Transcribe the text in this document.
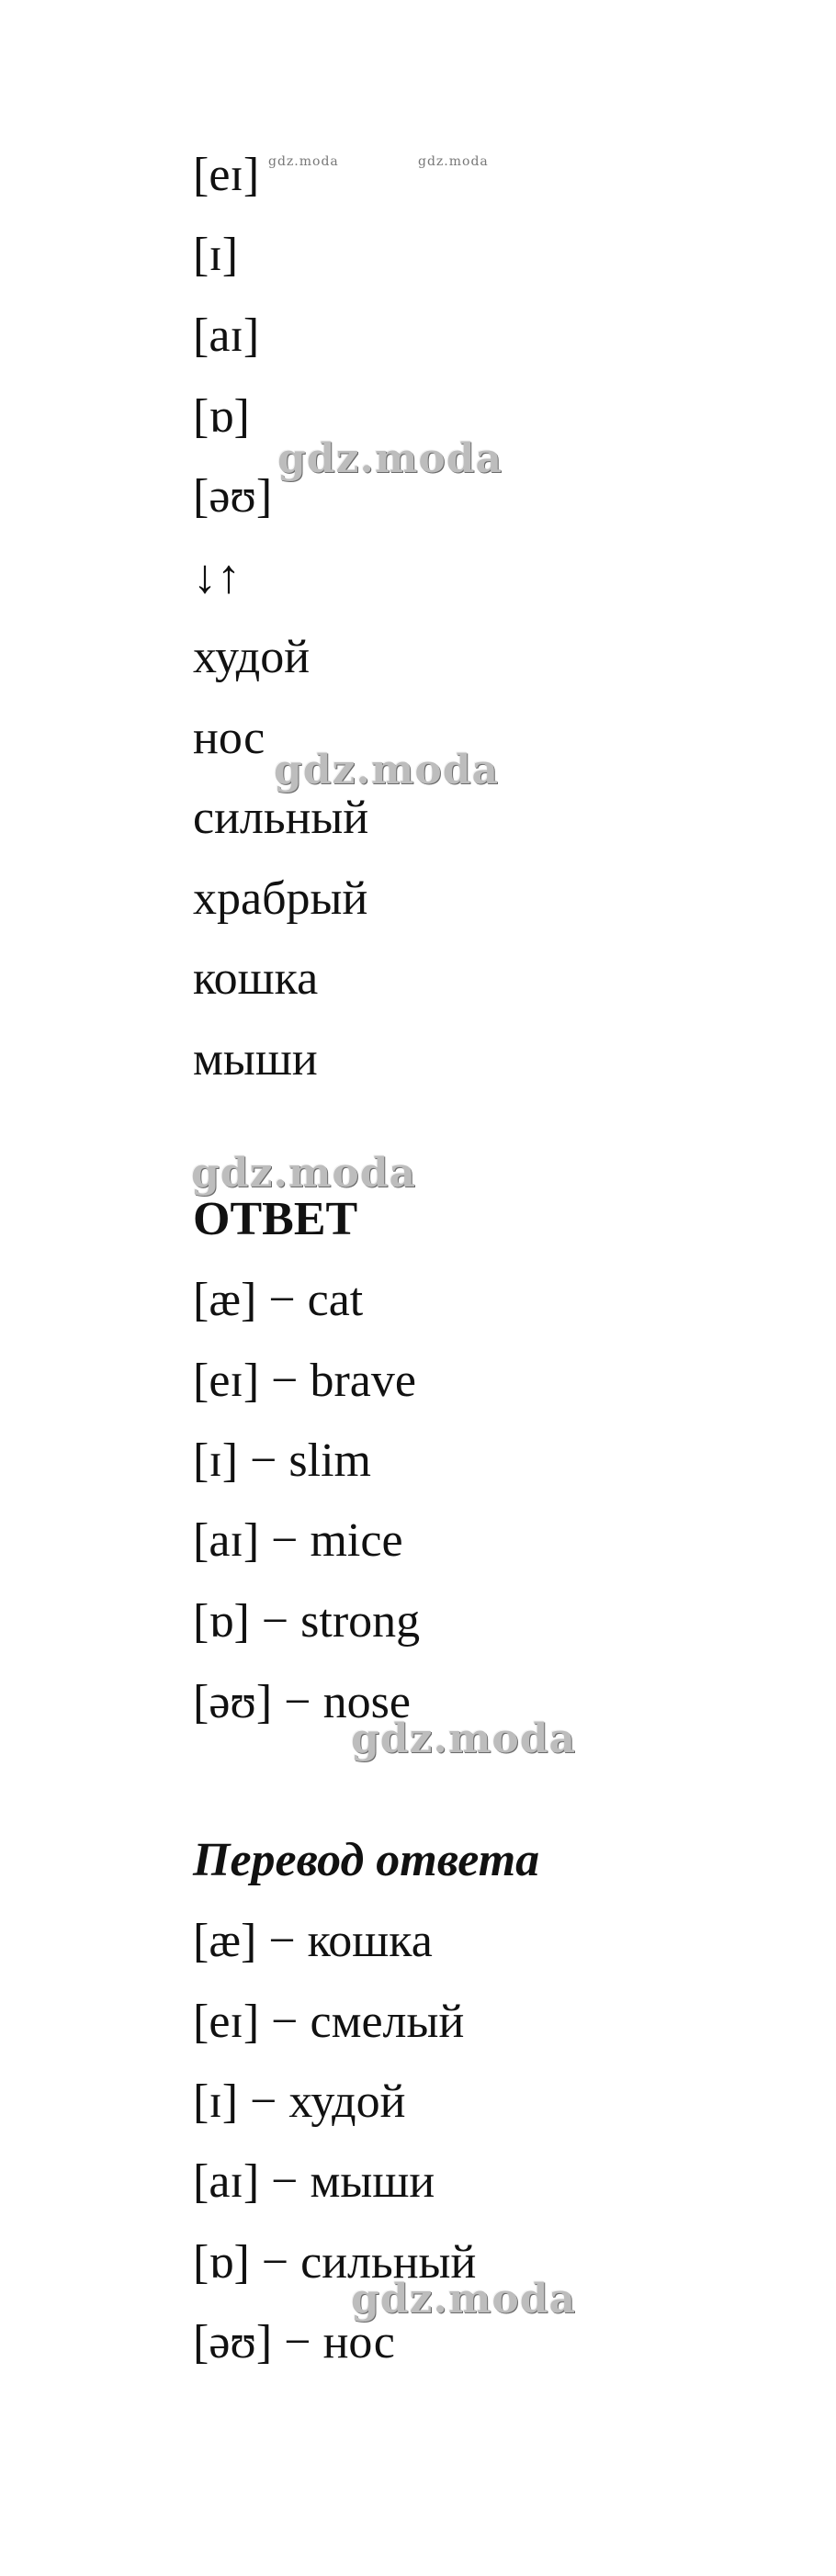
[eɪ]
[ɪ]
[aɪ]
[ɒ]
[əʊ]
↓↑
худой
нос
сильный
храбрый
кошка
мыши
ОТВЕТ
[æ] − cat
[eɪ] − brave
[ɪ] − slim
[aɪ] − mice
[ɒ] − strong
[əʊ] − nose
Перевод ответа
[æ] − кошка
[eɪ] − смелый
[ɪ] − худой
[aɪ] − мыши
[ɒ] − сильный
[əʊ] − нос
gdz.moda	gdz.moda
gdz.moda
gdz.moda
gdz.moda
gdz.moda
gdz.moda
